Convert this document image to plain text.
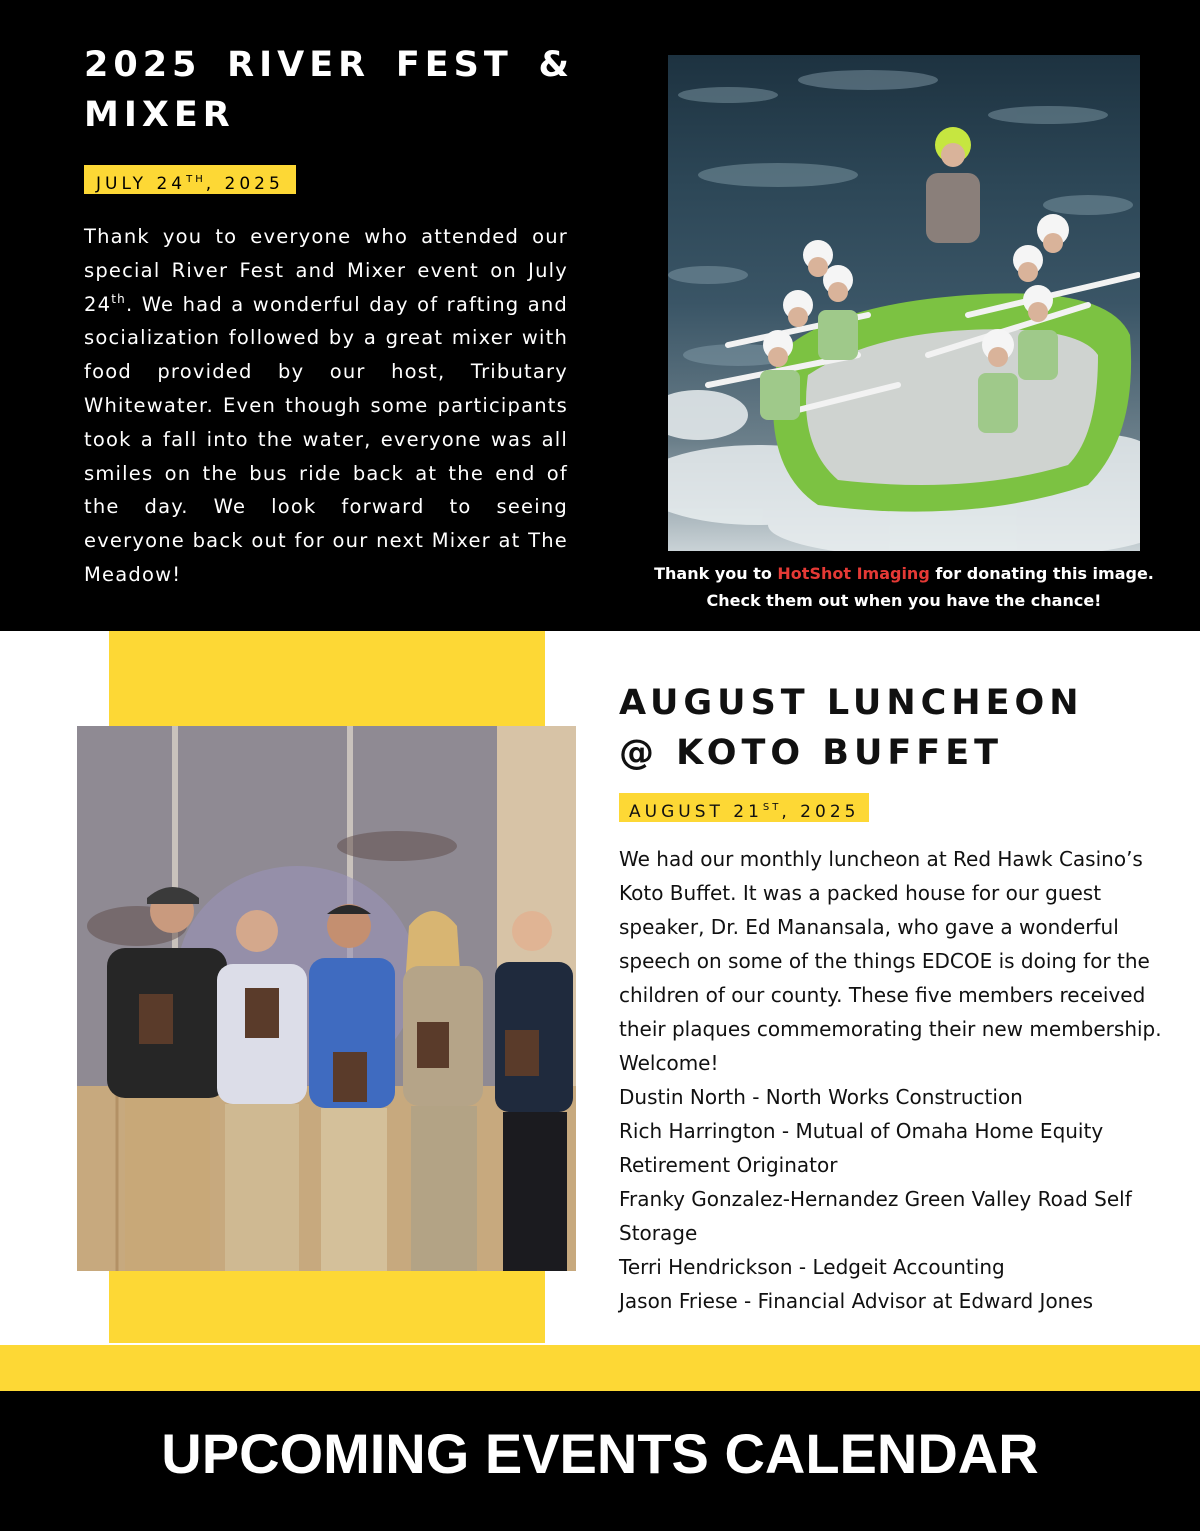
2025 RIVER FEST & MIXER
JULY 24TH, 2025

Thank you to everyone who attended our special River Fest and Mixer event on July 24th. We had a wonderful day of rafting and socialization followed by a great mixer with food provided by our host, Tributary Whitewater. Even though some participants took a fall into the water, everyone was all smiles on the bus ride back at the end of the day. We look forward to seeing everyone back out for our next Mixer at The Meadow!	Thank you to HotShot Imaging for donating this image.
Check them out when you have the chance!
AUGUST LUNCHEON
@ KOTO BUFFET
AUGUST 21ST, 2025
We had our monthly luncheon at Red Hawk Casino’s
Koto Buffet. It was a packed house for our guest
speaker, Dr. Ed Manansala, who gave a wonderful
speech on some of the things EDCOE is doing for the
children of our county. These five members received
their plaques commemorating their new membership.
Welcome!
Dustin North - North Works Construction
Rich Harrington - Mutual of Omaha Home Equity
Retirement Originator
Franky Gonzalez-Hernandez Green Valley Road Self
Storage
Terri Hendrickson - Ledgeit Accounting
Jason Friese - Financial Advisor at Edward Jones
UPCOMING EVENTS CALENDAR
